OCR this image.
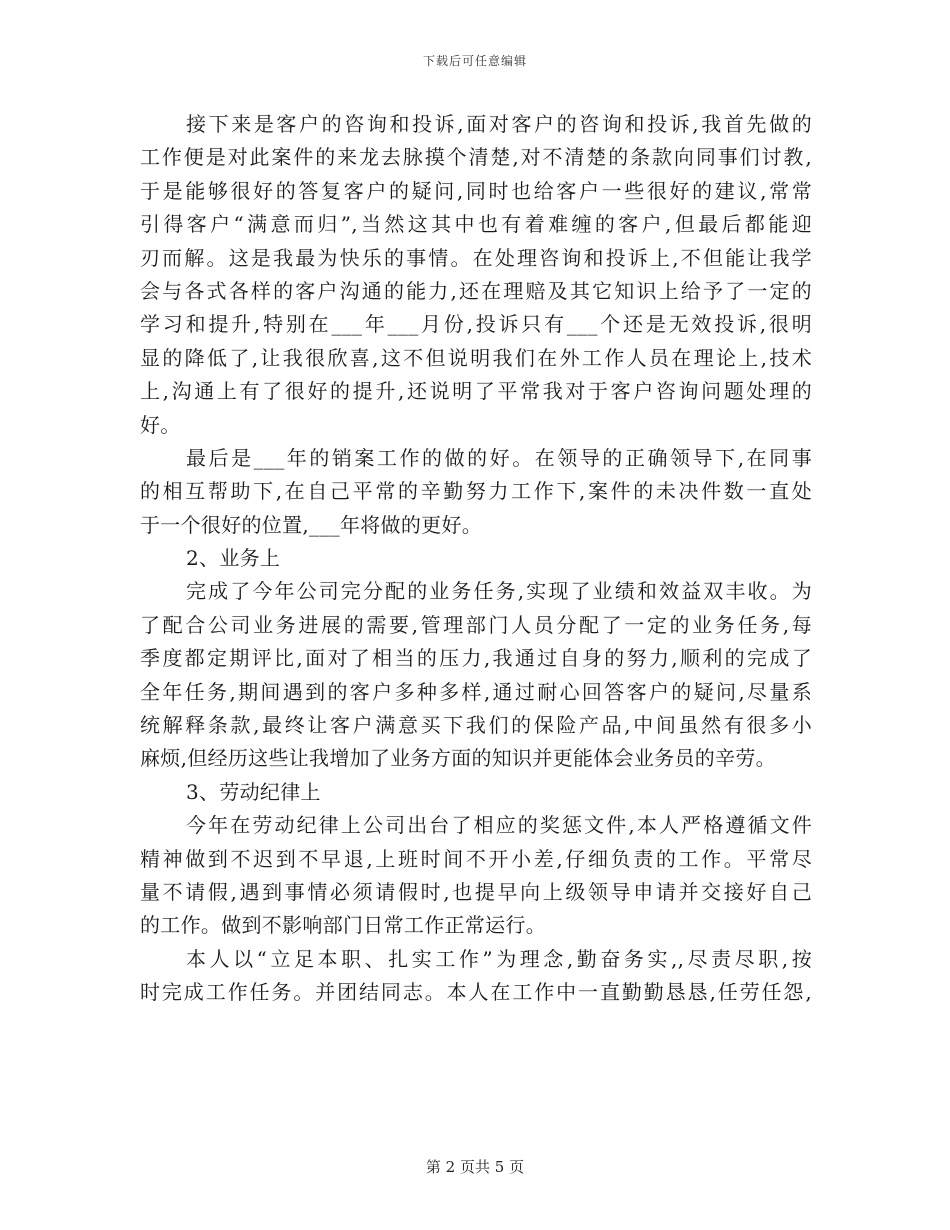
下载后可任意编辑
接下来是客户的咨询和投诉,面对客户的咨询和投诉,我首先做的
工作便是对此案件的来龙去脉摸个清楚,对不清楚的条款向同事们讨教,
于是能够很好的答复客户的疑问,同时也给客户一些很好的建议,常常
引得客户“满意而归”,当然这其中也有着难缠的客户,但最后都能迎
刃而解。这是我最为快乐的事情。在处理咨询和投诉上,不但能让我学
会与各式各样的客户沟通的能力,还在理赔及其它知识上给予了一定的
学习和提升,特别在___年___月份,投诉只有___个还是无效投诉,很明
显的降低了,让我很欣喜,这不但说明我们在外工作人员在理论上,技术
上,沟通上有了很好的提升,还说明了平常我对于客户咨询问题处理的
好。
最后是___年的销案工作的做的好。在领导的正确领导下,在同事
的相互帮助下,在自己平常的辛勤努力工作下,案件的未决件数一直处
于一个很好的位置,___年将做的更好。
2、业务上
完成了今年公司完分配的业务任务,实现了业绩和效益双丰收。为
了配合公司业务进展的需要,管理部门人员分配了一定的业务任务,每
季度都定期评比,面对了相当的压力,我通过自身的努力,顺利的完成了
全年任务,期间遇到的客户多种多样,通过耐心回答客户的疑问,尽量系
统解释条款,最终让客户满意买下我们的保险产品,中间虽然有很多小
麻烦,但经历这些让我增加了业务方面的知识并更能体会业务员的辛劳。
3、劳动纪律上
今年在劳动纪律上公司出台了相应的奖惩文件,本人严格遵循文件
精神做到不迟到不早退,上班时间不开小差,仔细负责的工作。平常尽
量不请假,遇到事情必须请假时,也提早向上级领导申请并交接好自己
的工作。做到不影响部门日常工作正常运行。
本人以“立足本职、扎实工作”为理念,勤奋务实,,尽责尽职,按
时完成工作任务。并团结同志。本人在工作中一直勤勤恳恳,任劳任怨,
第 2 页共 5 页
